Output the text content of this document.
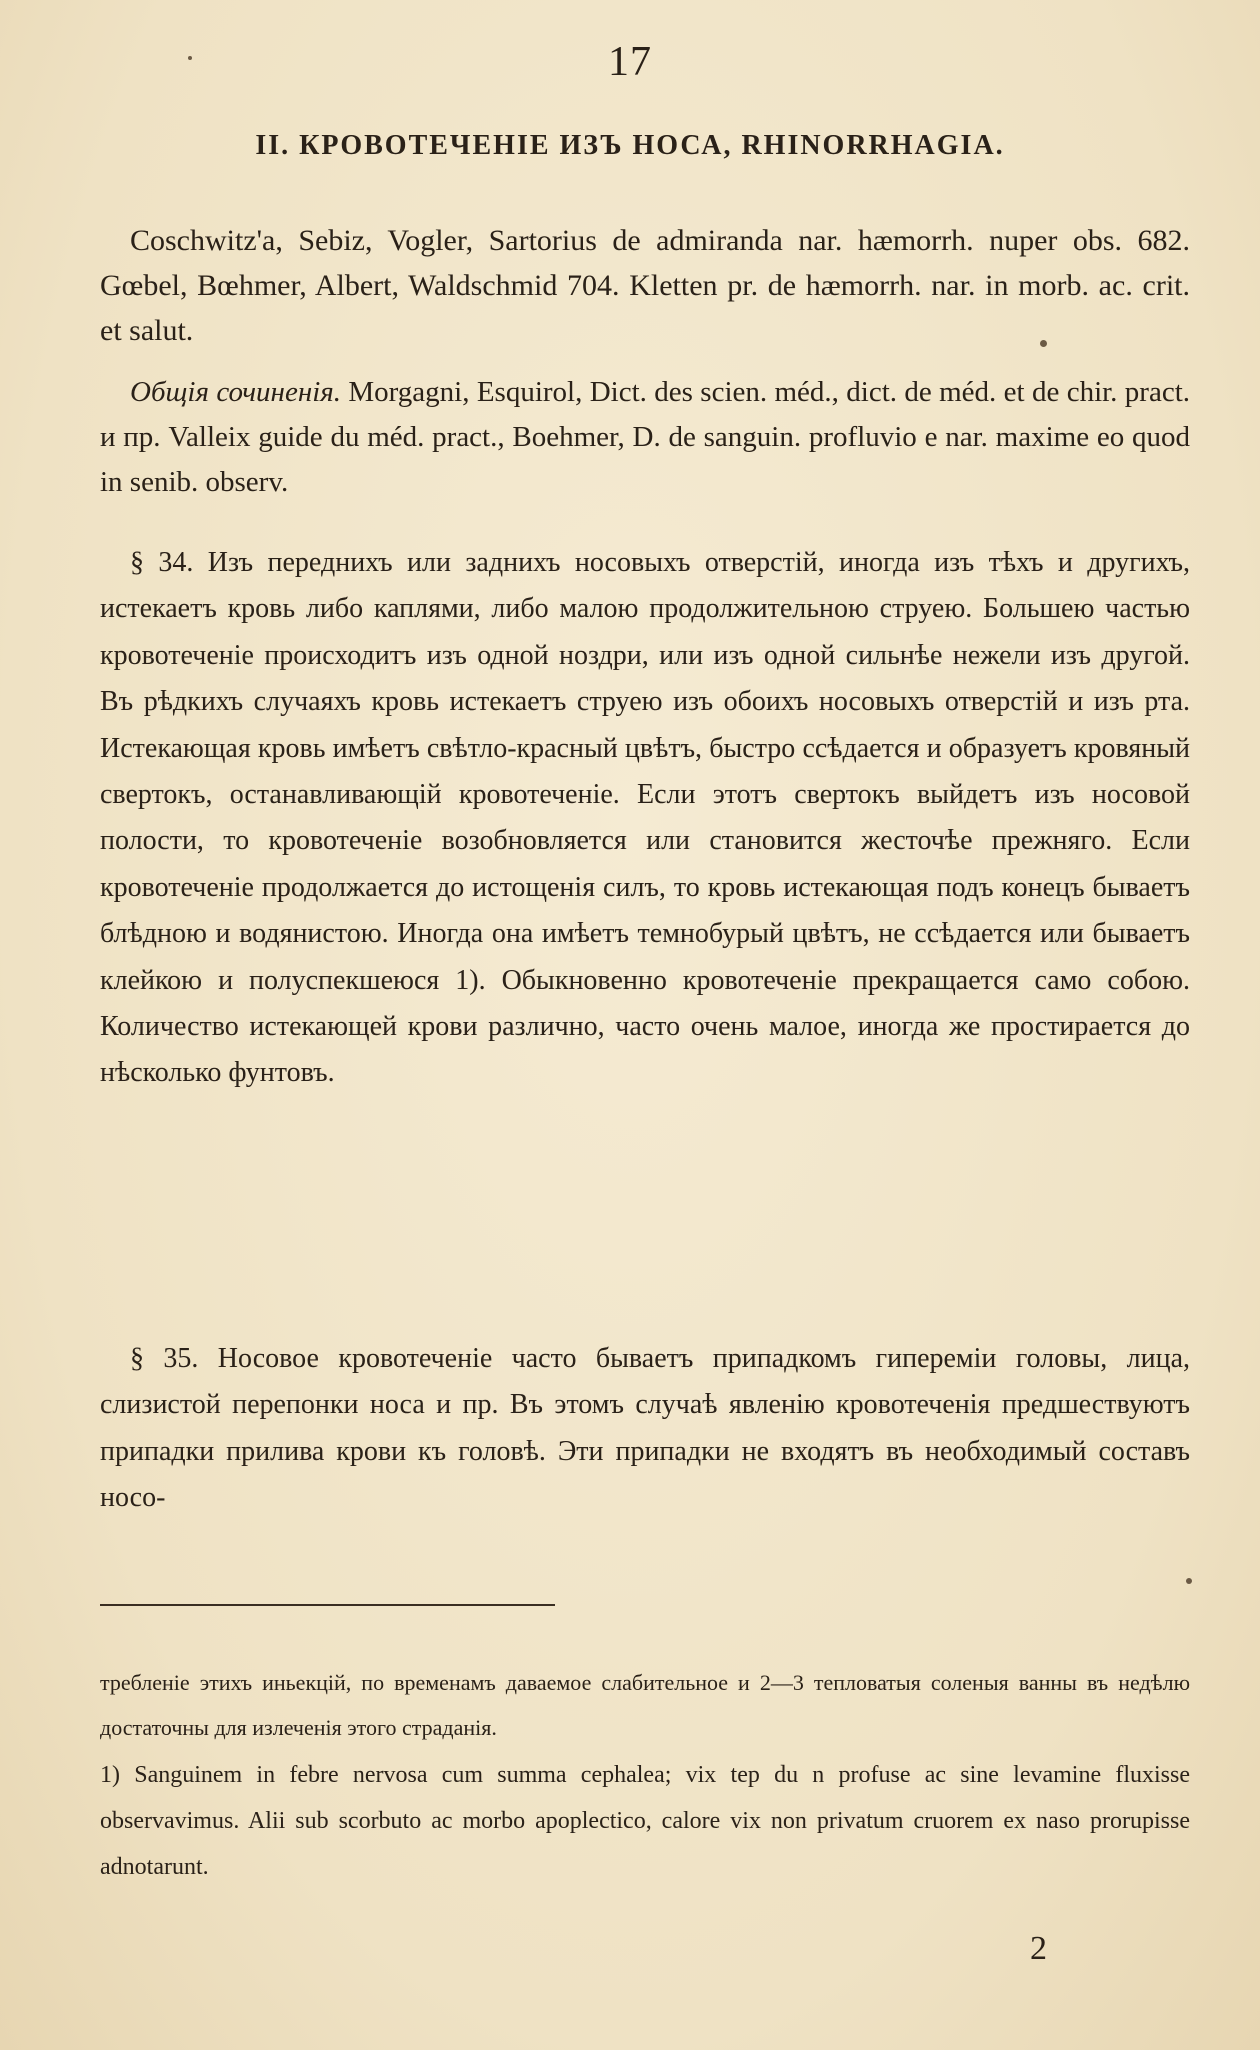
17
II. КРОВОТЕЧЕНІЕ ИЗЪ НОСА, RHINORRHAGIA.

Coschwitz'a, Sebiz, Vogler, Sartorius de admiranda nar. hæmorrh. nuper obs. 682. Gœbel, Bœhmer, Albert, Waldschmid 704. Kletten pr. de hæmorrh. nar. in morb. ac. crit. et salut.

Общія сочиненія. Morgagni, Esquirol, Dict. des scien. méd., dict. de méd. et de chir. pract. и пр. Valleix guide du méd. pract., Boehmer, D. de sanguin. profluvio e nar. maxime eo quod in senib. observ.

§ 34. Изъ переднихъ или заднихъ носовыхъ отверстій, иногда изъ тѣхъ и другихъ, истекаетъ кровь либо каплями, либо малою продолжительною струею. Большею частью кровотеченіе происходитъ изъ одной ноздри, или изъ одной сильнѣе нежели изъ другой. Въ рѣдкихъ случаяхъ кровь истекаетъ струею изъ обоихъ носовыхъ отверстій и изъ рта. Истекающая кровь имѣетъ свѣтло-красный цвѣтъ, быстро ссѣдается и образуетъ кровяный свертокъ, останавливающій кровотеченіе. Если этотъ свертокъ выйдетъ изъ носовой полости, то кровотеченіе возобновляется или становится жесточѣе прежняго. Если кровотеченіе продолжается до истощенія силъ, то кровь истекающая подъ конецъ бываетъ блѣдною и водянистою. Иногда она имѣетъ темнобурый цвѣтъ, не ссѣдается или бываетъ клейкою и полуспекшеюся 1). Обыкновенно кровотеченіе прекращается само собою. Количество истекающей крови различно, часто очень малое, иногда же простирается до нѣсколько фунтовъ.

§ 35. Носовое кровотеченіе часто бываетъ припадкомъ гипереміи головы, лица, слизистой перепонки носа и пр. Въ этомъ случаѣ явленію кровотеченія предшествуютъ припадки прилива крови къ головѣ. Эти припадки не входятъ въ необходимый составъ носо-

требленіе этихъ иньекцій, по временамъ даваемое слабительное и 2—3 тепловатыя соленыя ванны въ недѣлю достаточны для излеченія этого страданія.

1) Sanguinem in febre nervosa cum summa cephalea; vix tep du n profuse ac sine levamine fluxisse observavimus. Alii sub scorbuto ac morbo apoplectico, calore vix non privatum cruorem ex naso prorupisse adnotarunt.

2
